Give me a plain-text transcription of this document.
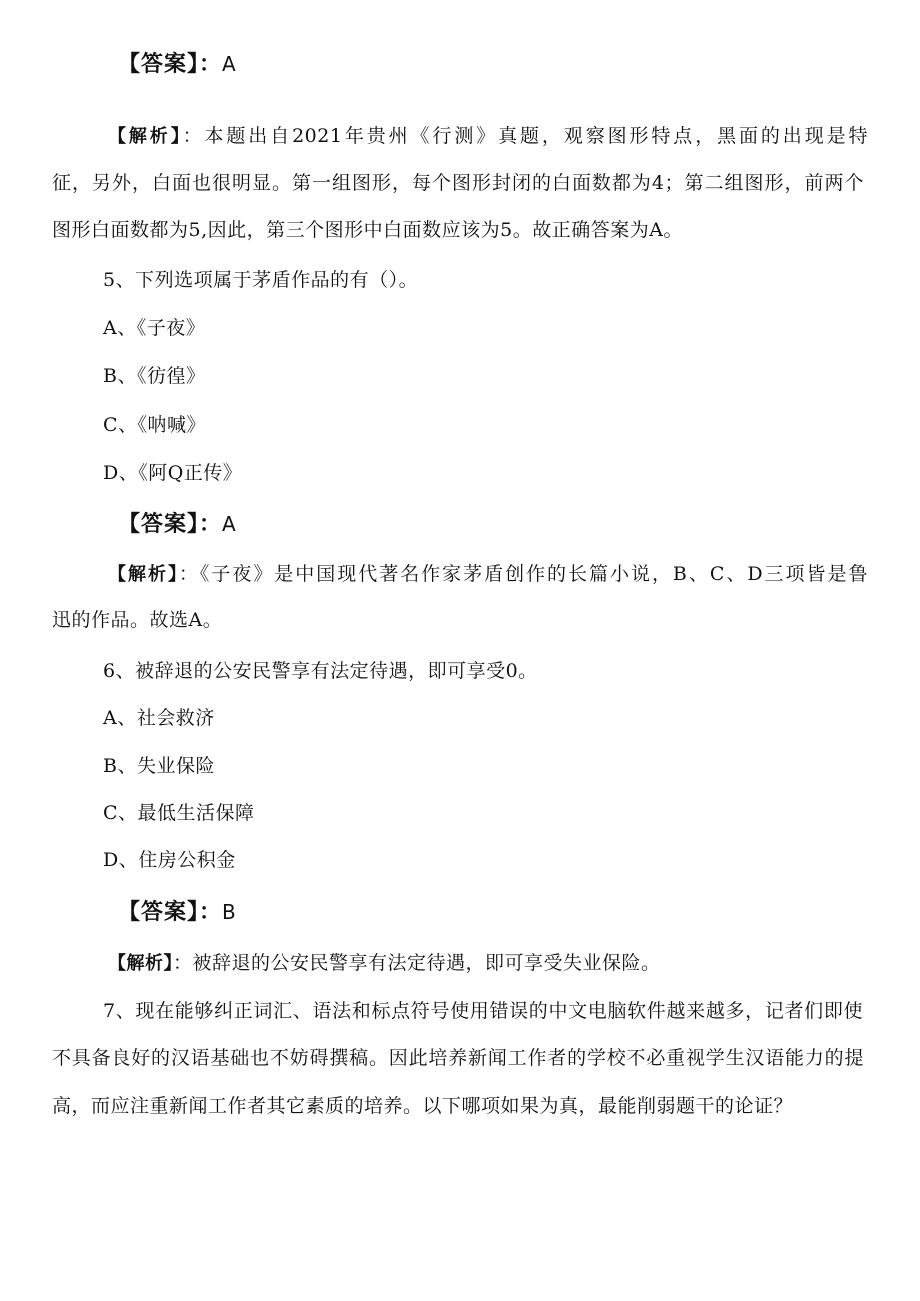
【答案】：A
【解析】：本题出自2021年贵州《行测》真题，观察图形特点，黑面的出现是特
征，另外，白面也很明显。第一组图形，每个图形封闭的白面数都为4；第二组图形，前两个
图形白面数都为5,因此，第三个图形中白面数应该为5。故正确答案为A。
5、下列选项属于茅盾作品的有（）。
A、《子夜》
B、《彷徨》
C、《呐喊》
D、《阿Q正传》
【答案】：A
【解析】：《子夜》是中国现代著名作家茅盾创作的长篇小说，B、C、D三项皆是鲁
迅的作品。故选A。
6、被辞退的公安民警享有法定待遇，即可享受0。
A、社会救济
B、失业保险
C、最低生活保障
D、住房公积金
【答案】：B
【解析】：被辞退的公安民警享有法定待遇，即可享受失业保险。
7、现在能够纠正词汇、语法和标点符号使用错误的中文电脑软件越来越多，记者们即使
不具备良好的汉语基础也不妨碍撰稿。因此培养新闻工作者的学校不必重视学生汉语能力的提
高，而应注重新闻工作者其它素质的培养。以下哪项如果为真，最能削弱题干的论证？
